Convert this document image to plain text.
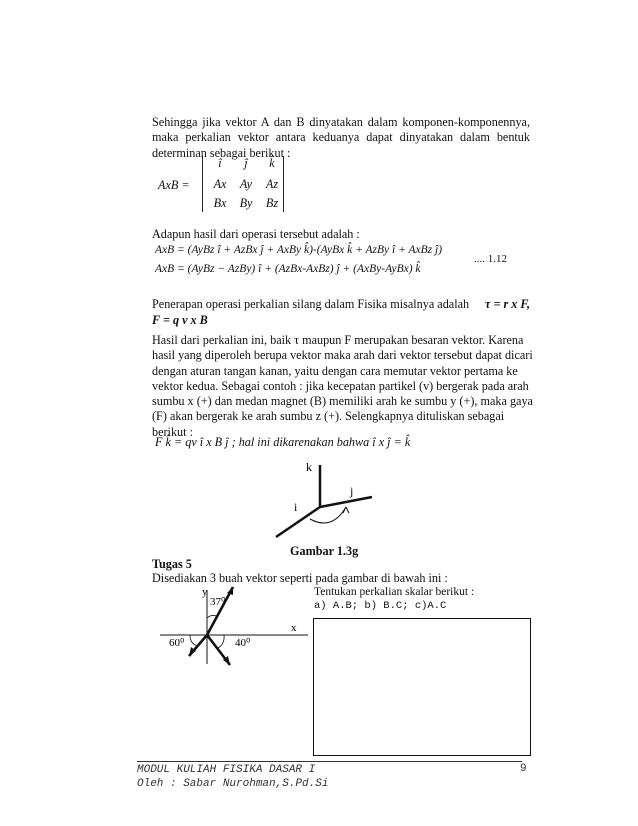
Sehingga jika vektor A dan B dinyatakan dalam komponen-komponennya, maka perkalian vektor antara keduanya dapat dinyatakan dalam bentuk determinan sebagai berikut :
AxB =
î	ĵ	k̂
Ax	Ay	Az
Bx By	Bz
Adapun hasil dari operasi tersebut adalah :
AxB = (AyBz î + AzBx ĵ + AxBy k̂)-(AyBx k̂ + AzBy î + AxBz ĵ)
AxB = (AyBz − AzBy) î + (AzBx-AxBz) ĵ + (AxBy-AyBx) k̂
.... 1.12
Penerapan operasi perkalian silang dalam Fisika misalnya adalah τ = r x F,
F = q v x B
Hasil dari perkalian ini, baik τ maupun F merupakan besaran vektor. Karena
hasil yang diperoleh berupa vektor maka arah dari vektor tersebut dapat dicari
dengan aturan tangan kanan, yaitu dengan cara memutar vektor pertama ke
vektor kedua. Sebagai contoh : jika kecepatan partikel (v) bergerak pada arah
sumbu x (+) dan medan magnet (B) memiliki arah ke sumbu y (+), maka gaya
(F) akan bergerak ke arah sumbu z (+). Selengkapnya dituliskan sebagai
berikut :
F k̂ = qv î x B ĵ ; hal ini dikarenakan bahwa î x ĵ = k̂
k
j
i
Gambar 1.3g
Tugas 5
Disediakan 3 buah vektor seperti pada gambar di bawah ini :
y
x
37⁰
60⁰	40⁰
Tentukan perkalian skalar berikut :
a) A.B; b) B.C; c)A.C
MODUL KULIAH FISIKA DASAR I
Oleh : Sabar Nurohman,S.Pd.Si
9
